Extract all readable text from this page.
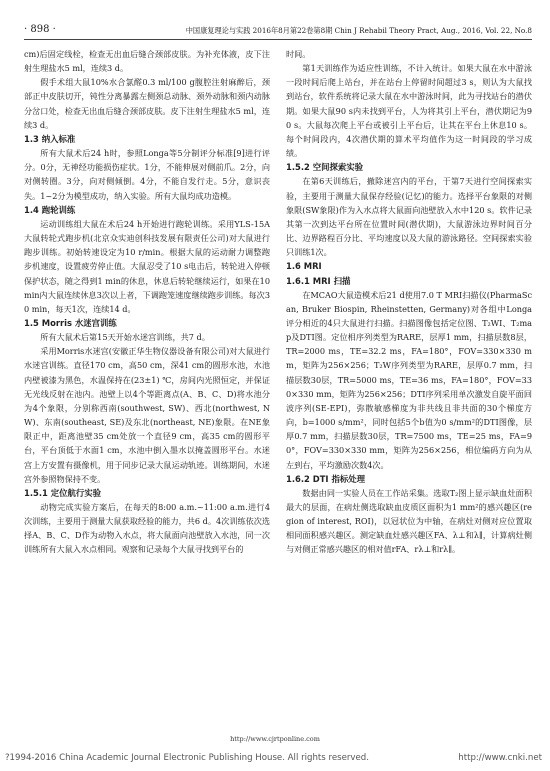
· 898 ·	中国康复理论与实践 2016年8月第22卷第8期 Chin J Rehabil Theory Pract, Aug., 2016, Vol. 22, No.8

cm)后固定线栓，检查无出血后缝合颈部皮肤。为补充体液，皮下注射生理盐水5 ml，连续3 d。

假手术组大鼠10%水合氯醛0.3 ml/100 g腹腔注射麻醉后，颈部正中皮肤切开，钝性分离暴露左侧颈总动脉、颈外动脉和颈内动脉分岔口处，检查无出血后缝合颈部皮肤。皮下注射生理盐水5 ml，连续3 d。

1.3 纳入标准

所有大鼠术后24 h时，参照Longa等5分制评分标准[9]进行评分。0分，无神经功能损伤症状。1分，不能伸展对侧前爪。2分，向对侧转圈。3分，向对侧倾倒。4分，不能自发行走。5分，意识丧失。1~2分为模型成功，纳入实验。所有大鼠均成功造模。

1.4 跑轮训练

运动训练组大鼠在术后24 h开始进行跑轮训练。采用YLS-15A大鼠转轮式跑步机(北京众实迪创科技发展有限责任公司)对大鼠进行跑步训练。初始转速设定为10 r/min。根据大鼠的运动耐力调整跑步机速度，设置疲劳停止值。大鼠忍受了10 s电击后，转轮进入停顿保护状态，随之得到1 min的休息，休息后转轮继续运行，如果在10 min内大鼠连续休息3次以上者，下调跑笼速度继续跑步训练。每次30 min，每天1次，连续14 d。

1.5 Morris 水迷宫训练

所有大鼠术后第15天开始水迷宫训练，共7 d。

采用Morris水迷宫(安徽正华生物仪器设备有限公司)对大鼠进行水迷宫训练。直径170 cm，高50 cm，深41 cm的圆形水池，水池内壁被漆为黑色，水温保持在(23±1) ℃，房间内光照恒定，并保证无光线反射在池内。池壁上以4个等距离点(A、B、C、D)将水池分为4个象限，分别称西南(southwest, SW)、西北(northwest, NW)、东南(southeast, SE)及东北(northeast, NE)象限。在NE象限正中，距离池壁35 cm处放一个直径9 cm，高35 cm的圆形平台，平台顶低于水面1 cm，水池中倒入墨水以掩盖圆形平台。水迷宫上方安置有摄像机，用于同步记录大鼠运动轨迹。训练期间，水迷宫外参照物保持不变。

1.5.1 定位航行实验

动物完成实验方案后，在每天的8:00 a.m.~11:00 a.m.进行4次训练，主要用于测量大鼠获取经验的能力，共6 d。4次训练依次选择A、B、C、D作为动物入水点，将大鼠面向池壁放入水池，同一次训练所有大鼠入水点相同。观察和记录每个大鼠寻找到平台的

时间。

第1天训练作为适应性训练，不计入统计。如果大鼠在水中游泳一段时间后爬上站台，并在站台上停留时间超过3 s，则认为大鼠找到站台，软件系统将记录大鼠在水中游泳时间，此为寻找站台的潜伏期。如果大鼠90 s内未找到平台，人为将其引上平台，潜伏期记为90 s。大鼠每次爬上平台或被引上平台后，让其在平台上休息10 s。每个时间段内，4次潜伏期的算术平均值作为这一时间段的学习成绩。

1.5.2 空间探索实验

在第6天训练后，撤除迷宫内的平台，于第7天进行空间探索实验，主要用于测量大鼠保存经验(记忆)的能力。选择平台象限的对侧象限(SW象限)作为入水点将大鼠面向池壁放入水中120 s。软件记录其第一次到达平台所在位置时间(潜伏期)，大鼠游泳边界时间百分比、边界路程百分比、平均速度以及大鼠的游泳路径。空间探索实验只训练1次。

1.6 MRI
1.6.1 MRI 扫描

在MCAO大鼠造模术后21 d使用7.0 T MRI扫描仪(PharmaScan, Bruker Biospin, Rheinstetten, Germany)对各组中Longa评分相近的4只大鼠进行扫描。扫描图像包括定位图、T₂WI、T₂map及DTI图。定位相序列类型为RARE，层厚1 mm，扫描层数8层，TR=2000 ms，TE=32.2 ms，FA=180°，FOV=330×330 mm，矩阵为256×256；T₂W序列类型为RARE，层厚0.7 mm，扫描层数30层，TR=5000 ms，TE=36 ms，FA=180°，FOV=330×330 mm，矩阵为256×256；DTI序列采用单次激发自旋平面回波序列(SE-EPI)，弥散敏感梯度为非共线且非共面的30个梯度方向，b=1000 s/mm²，同时包括5个b值为0 s/mm²的DTI图像，层厚0.7 mm，扫描层数30层，TR=7500 ms，TE=25 ms，FA=90°，FOV=330×330 mm，矩阵为256×256，相位编码方向为从左到右，平均激励次数4次。

1.6.2 DTI 指标处理

数据由同一实验人员在工作站采集。选取T₂图上显示缺血灶面积最大的层面，在病灶侧选取缺血皮质区面积为1 mm²的感兴趣区(region of interest, ROI)，以冠状位为中轴，在病灶对侧对应位置取相同面积感兴趣区。测定缺血灶感兴趣区FA、λ⊥和λ∥，计算病灶侧与对侧正常感兴趣区的相对值rFA、rλ⊥和rλ∥。

http://www.cjrtponline.com
?1994-2016 China Academic Journal Electronic Publishing House. All rights reserved.	http://www.cnki.net
